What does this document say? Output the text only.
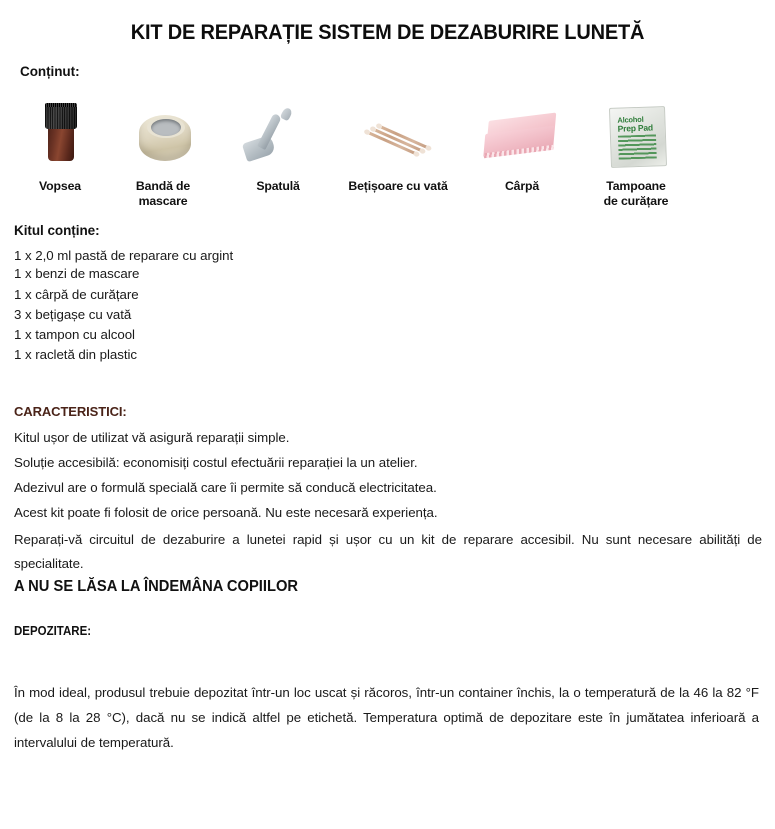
KIT DE REPARAȚIE SISTEM DE DEZABURIRE LUNETĂ
Conținut:
Vopsea	Bandă de
mascare
Spatulă	Bețișoare cu vată	Cârpă
Alcohol
Prep Pad
Tampoane
de curățare
Kitul conține:
1 x 2,0 ml pastă de reparare cu argint
1 x benzi de mascare
1 x cârpă de curățare
3 x bețigașe cu vată
1 x tampon cu alcool
1 x racletă din plastic
CARACTERISTICI:

Kitul ușor de utilizat vă asigură reparații simple.

Soluție accesibilă: economisiți costul efectuării reparației la un atelier.

Adezivul are o formulă specială care îi permite să conducă electricitatea.

Acest kit poate fi folosit de orice persoană. Nu este necesară experiența.

Reparați-vă circuitul de dezaburire a lunetei rapid și ușor cu un kit de reparare accesibil. Nu sunt necesare abilități de specialitate.

A NU SE LĂSA LA ÎNDEMÂNA COPIILOR
DEPOZITARE:

În mod ideal, produsul trebuie depozitat într-un loc uscat și răcoros, într-un container închis, la o temperatură de la 46 la 82 °F (de la 8 la 28 °C), dacă nu se indică altfel pe etichetă. Temperatura optimă de depozitare este în jumătatea inferioară a intervalului de temperatură.
